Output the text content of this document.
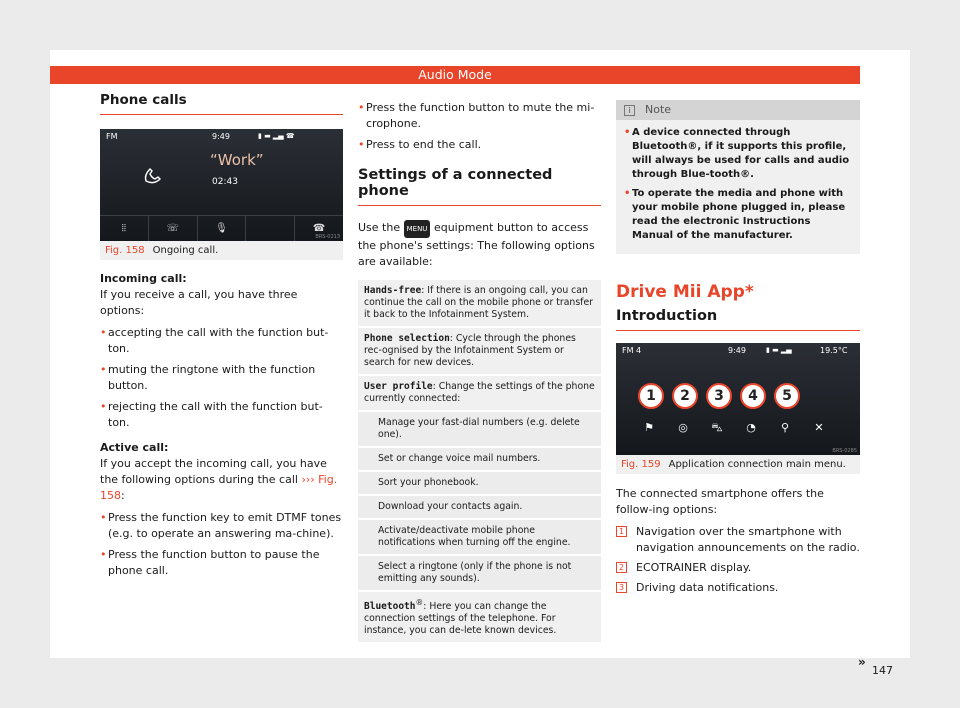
Audio Mode
Phone calls
FM	9:49	▮ ▬ ▂▄ ☎
“Work”
02:43
⦙⦙	☏	🎙	☎
BRS-0213
Fig. 158 Ongoing call.
Incoming call:

If you receive a call, you have three options:

• accepting the call with the function but-ton.
• muting the ringtone with the function button.
• rejecting the call with the function but-ton.
Active call:

If you accept the incoming call, you have the following options during the call ››› Fig. 158:

• Press the function key to emit DTMF tones (e.g. to operate an answering ma-chine).
• Press the function button to pause the phone call.
• Press the function button to mute the mi-crophone.
• Press to end the call.
Settings of a connected phone

Use the MENU equipment button to access the phone's settings: The following options are available:

Hands-free: If there is an ongoing call, you can continue the call on the mobile phone or transfer it back to the Infotainment System.
Phone selection: Cycle through the phones rec-ognised by the Infotainment System or search for new devices.
User profile: Change the settings of the phone currently connected:
Manage your fast-dial numbers (e.g. delete one).
Set or change voice mail numbers.
Sort your phonebook.
Download your contacts again.
Activate/deactivate mobile phone notifications when turning off the engine.
Select a ringtone (only if the phone is not emitting any sounds).
Bluetooth®: Here you can change the connection settings of the telephone. For instance, you can de-lete known devices.
i Note
• A device connected through Bluetooth®, if it supports this profile, will always be used for calls and audio through Blue-tooth®.
• To operate the media and phone with your mobile phone plugged in, please read the electronic Instructions Manual of the manufacturer.
Drive Mii App*
Introduction
FM 4	9:49	▮ ▬ ▂▄	19.5°C
1	2	3	4	5
⚑ ◎ ⛍ ◔ ⚲ ✕
BRS-0285
Fig. 159 Application connection main menu.

The connected smartphone offers the follow-ing options:

1 Navigation over the smartphone with navigation announcements on the radio.
2 ECOTRAINER display.
3 Driving data notifications.
»
147
